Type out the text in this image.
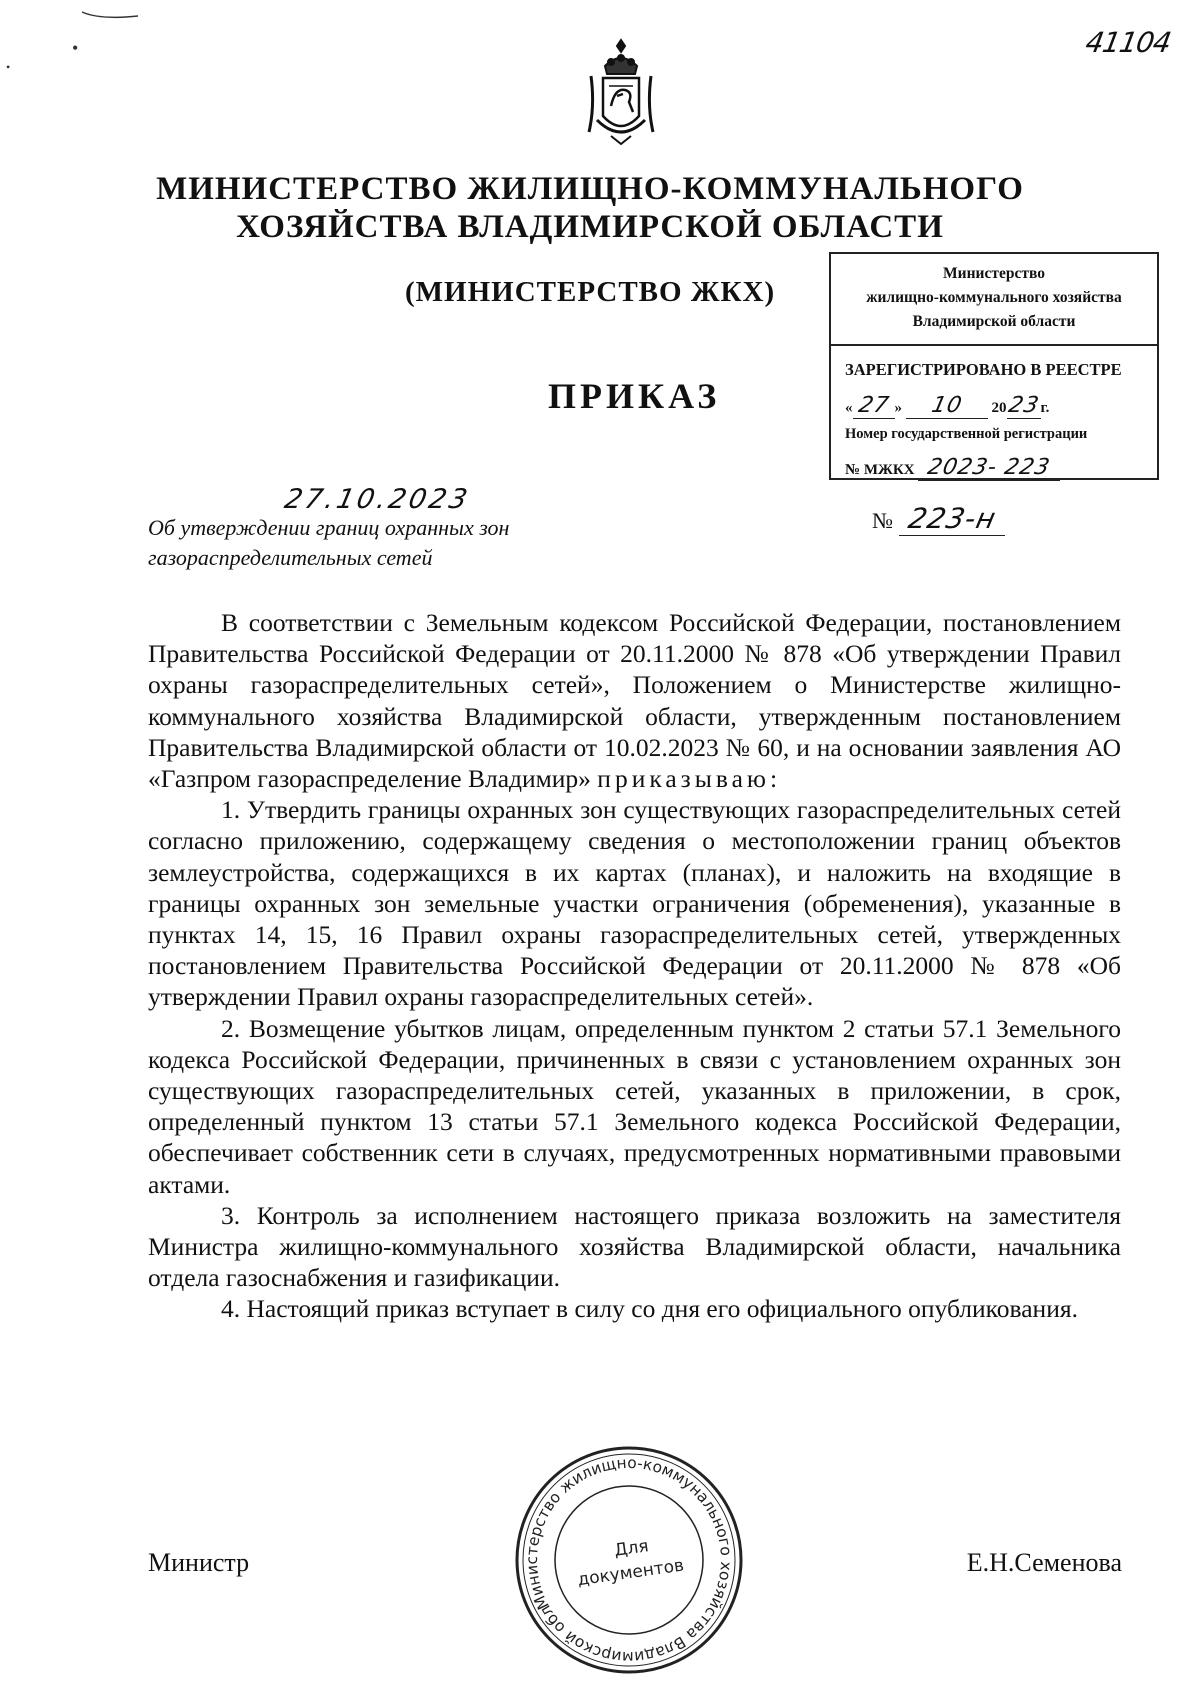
•
•
41104
МИНИСТЕРСТВО ЖИЛИЩНО-КОММУНАЛЬНОГО
ХОЗЯЙСТВА ВЛАДИМИРСКОЙ ОБЛАСТИ
(МИНИСТЕРСТВО ЖКХ)
ПРИКАЗ
Министерство
жилищно-коммунального хозяйства
Владимирской области
ЗАРЕГИСТРИРОВАНО В РЕЕСТРЕ
« 27 » 10 2023г.
Номер государственной регистрации
№ МЖКХ 2023- 223
27.10.2023
№ 223-н
Об утверждении границ охранных зон
газораспределительных сетей

В соответствии с Земельным кодексом Российской Федерации, постановлением Правительства Российской Федерации от 20.11.2000 № 878 «Об утверждении Правил охраны газораспределительных сетей», Положением о Министерстве жилищно-коммунального хозяйства Владимирской области, утвержденным постановлением Правительства Владимирской области от 10.02.2023 № 60, и на основании заявления АО «Газпром газораспределение Владимир» приказываю:

1. Утвердить границы охранных зон существующих газораспределительных сетей согласно приложению, содержащему сведения о местоположении границ объектов землеустройства, содержащихся в их картах (планах), и наложить на входящие в границы охранных зон земельные участки ограничения (обременения), указанные в пунктах 14, 15, 16 Правил охраны газораспределительных сетей, утвержденных постановлением Правительства Российской Федерации от 20.11.2000 № 878 «Об утверждении Правил охраны газораспределительных сетей».

2. Возмещение убытков лицам, определенным пунктом 2 статьи 57.1 Земельного кодекса Российской Федерации, причиненных в связи с установлением охранных зон существующих газораспределительных сетей, указанных в приложении, в срок, определенный пунктом 13 статьи 57.1 Земельного кодекса Российской Федерации, обеспечивает собственник сети в случаях, предусмотренных нормативными правовыми актами.

3. Контроль за исполнением настоящего приказа возложить на заместителя Министра жилищно-коммунального хозяйства Владимирской области, начальника отдела газоснабжения и газификации.

4. Настоящий приказ вступает в силу со дня его официального опубликования.

Министр	Е.Н.Семенова
Министерство жилищно-коммунального хозяйства Владимирской области
Для
документов
